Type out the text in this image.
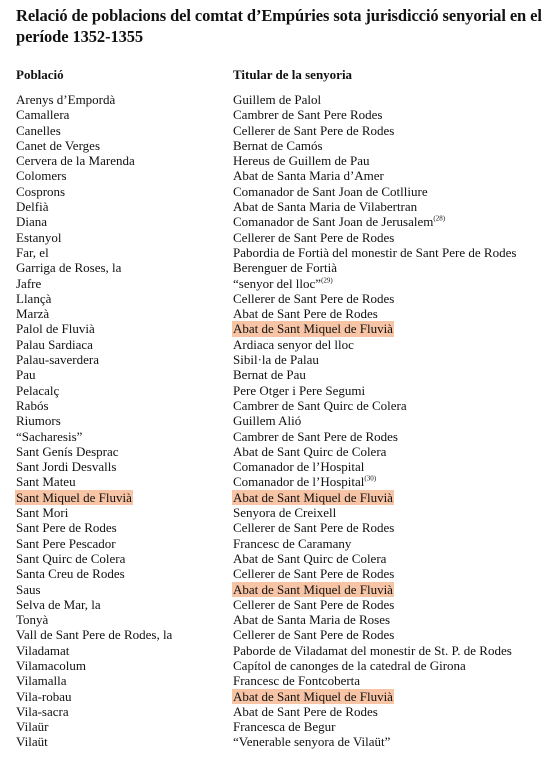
Relació de poblacions del comtat d’Empúries sota jurisdicció senyorial en el període 1352-1355
Població	Titular de la senyoria
Arenys d’Empordà	Guillem de Palol
Camallera	Cambrer de Sant Pere Rodes
Canelles	Cellerer de Sant Pere de Rodes
Canet de Verges	Bernat de Camós
Cervera de la Marenda	Hereus de Guillem de Pau
Colomers	Abat de Santa Maria d’Amer
Cosprons	Comanador de Sant Joan de Cotlliure
Delfià	Abat de Santa Maria de Vilabertran
Diana	Comanador de Sant Joan de Jerusalem$^{(28)}$
Estanyol	Cellerer de Sant Pere de Rodes
Far, el	Pabordia de Fortià del monestir de Sant Pere de Rodes
Garriga de Roses, la	Berenguer de Fortià
Jafre	“senyor del lloc”$^{(29)}$
Llançà	Cellerer de Sant Pere de Rodes
Marzà	Abat de Sant Pere de Rodes
Palol de Fluvià	Abat de Sant Miquel de Fluvià
Palau Sardiaca	Ardiaca senyor del lloc
Palau-saverdera	Sibil·la de Palau
Pau	Bernat de Pau
Pelacalç	Pere Otger i Pere Segumi
Rabós	Cambrer de Sant Quirc de Colera
Riumors	Guillem Alió
“Sacharesis”	Cambrer de Sant Pere de Rodes
Sant Genís Desprac	Abat de Sant Quirc de Colera
Sant Jordi Desvalls	Comanador de l’Hospital
Sant Mateu	Comanador de l’Hospital$^{(30)}$
Sant Miquel de Fluvià	Abat de Sant Miquel de Fluvià
Sant Mori	Senyora de Creixell
Sant Pere de Rodes	Cellerer de Sant Pere de Rodes
Sant Pere Pescador	Francesc de Caramany
Sant Quirc de Colera	Abat de Sant Quirc de Colera
Santa Creu de Rodes	Cellerer de Sant Pere de Rodes
Saus	Abat de Sant Miquel de Fluvià
Selva de Mar, la	Cellerer de Sant Pere de Rodes
Tonyà	Abat de Santa Maria de Roses
Vall de Sant Pere de Rodes, la	Cellerer de Sant Pere de Rodes
Viladamat	Paborde de Viladamat del monestir de St. P. de Rodes
Vilamacolum	Capítol de canonges de la catedral de Girona
Vilamalla	Francesc de Fontcoberta
Vila-robau	Abat de Sant Miquel de Fluvià
Vila-sacra	Abat de Sant Pere de Rodes
Vilaür	Francesca de Begur
Vilaüt	“Venerable senyora de Vilaüt”
